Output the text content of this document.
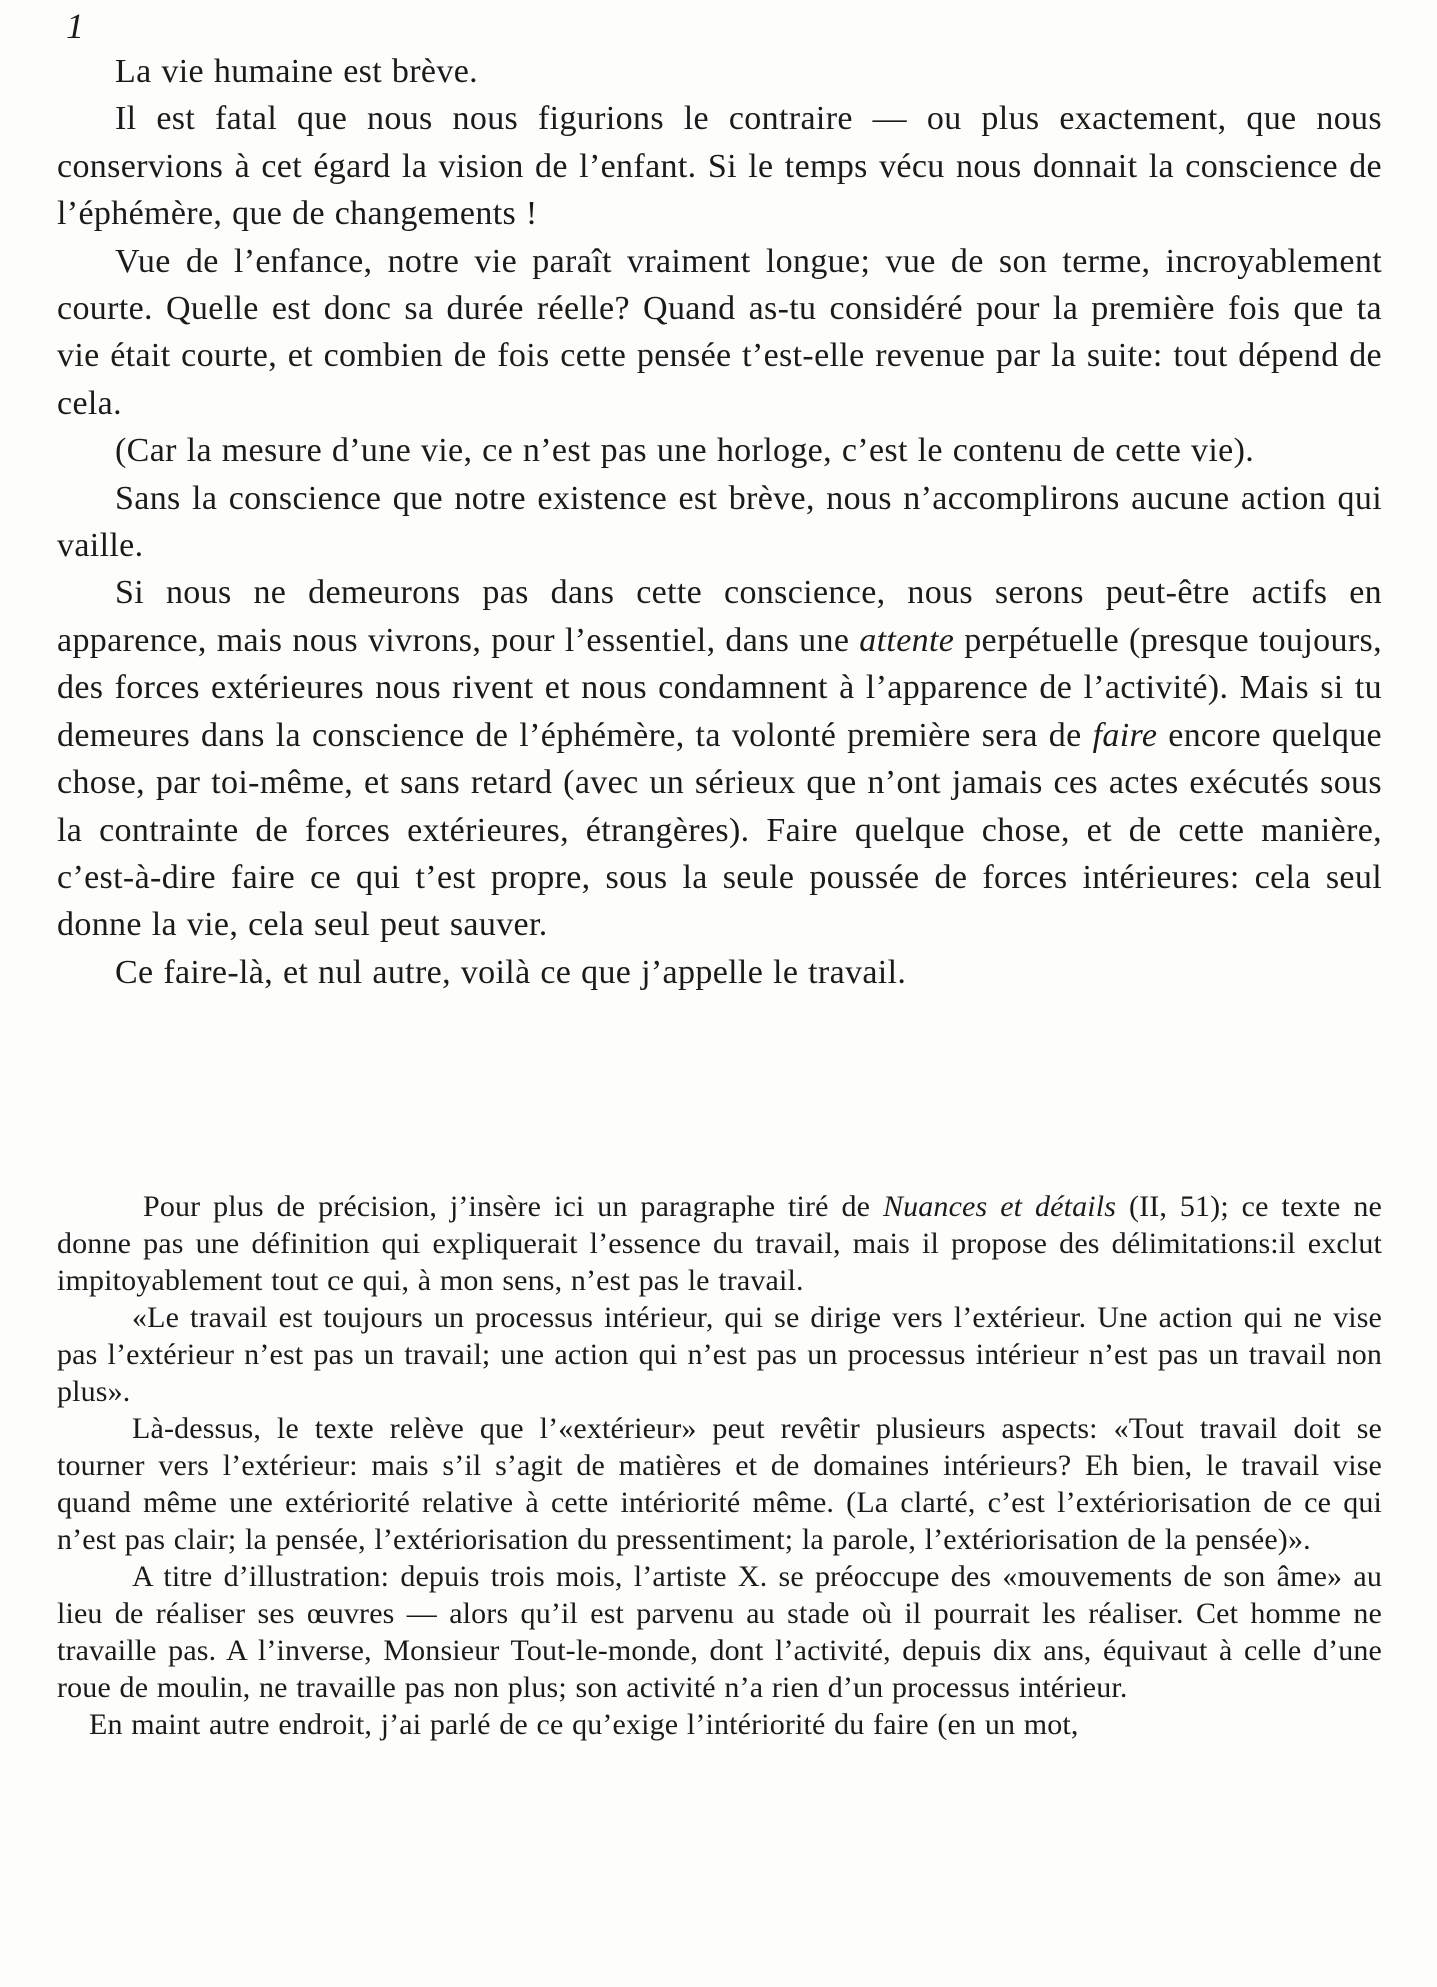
1

La vie humaine est brève.

Il est fatal que nous nous figurions le contraire — ou plus exactement, que nous conservions à cet égard la vision de l’enfant. Si le temps vécu nous donnait la conscience de l’éphémère, que de changements !

Vue de l’enfance, notre vie paraît vraiment longue; vue de son terme, incroyablement courte. Quelle est donc sa durée réelle? Quand as-tu considéré pour la première fois que ta vie était courte, et combien de fois cette pensée t’est-elle revenue par la suite: tout dépend de cela.

(Car la mesure d’une vie, ce n’est pas une horloge, c’est le contenu de cette vie).

Sans la conscience que notre existence est brève, nous n’accomplirons aucune action qui vaille.

Si nous ne demeurons pas dans cette conscience, nous serons peut-être actifs en apparence, mais nous vivrons, pour l’essentiel, dans une attente perpétuelle (presque toujours, des forces extérieures nous rivent et nous condamnent à l’apparence de l’activité). Mais si tu demeures dans la conscience de l’éphémère, ta volonté première sera de faire encore quelque chose, par toi-même, et sans retard (avec un sérieux que n’ont jamais ces actes exécutés sous la contrainte de forces extérieures, étrangères). Faire quelque chose, et de cette manière, c’est-à-dire faire ce qui t’est propre, sous la seule poussée de forces intérieures: cela seul donne la vie, cela seul peut sauver.

Ce faire-là, et nul autre, voilà ce que j’appelle le travail.

Pour plus de précision, j’insère ici un paragraphe tiré de Nuances et détails (II, 51); ce texte ne donne pas une définition qui expliquerait l’essence du travail, mais il propose des délimitations:il exclut impitoyablement tout ce qui, à mon sens, n’est pas le travail.

«Le travail est toujours un processus intérieur, qui se dirige vers l’extérieur. Une action qui ne vise pas l’extérieur n’est pas un travail; une action qui n’est pas un processus intérieur n’est pas un travail non plus».

Là-dessus, le texte relève que l’«extérieur» peut revêtir plusieurs aspects: «Tout travail doit se tourner vers l’extérieur: mais s’il s’agit de matières et de domaines intérieurs? Eh bien, le travail vise quand même une extériorité relative à cette intériorité même. (La clarté, c’est l’extériorisation de ce qui n’est pas clair; la pensée, l’extériorisation du pressentiment; la parole, l’extériorisation de la pensée)».

A titre d’illustration: depuis trois mois, l’artiste X. se préoccupe des «mouvements de son âme» au lieu de réaliser ses œuvres — alors qu’il est parvenu au stade où il pourrait les réaliser. Cet homme ne travaille pas. A l’inverse, Monsieur Tout-le-monde, dont l’activité, depuis dix ans, équivaut à celle d’une roue de moulin, ne travaille pas non plus; son activité n’a rien d’un processus intérieur.

En maint autre endroit, j’ai parlé de ce qu’exige l’intériorité du faire (en un mot,
